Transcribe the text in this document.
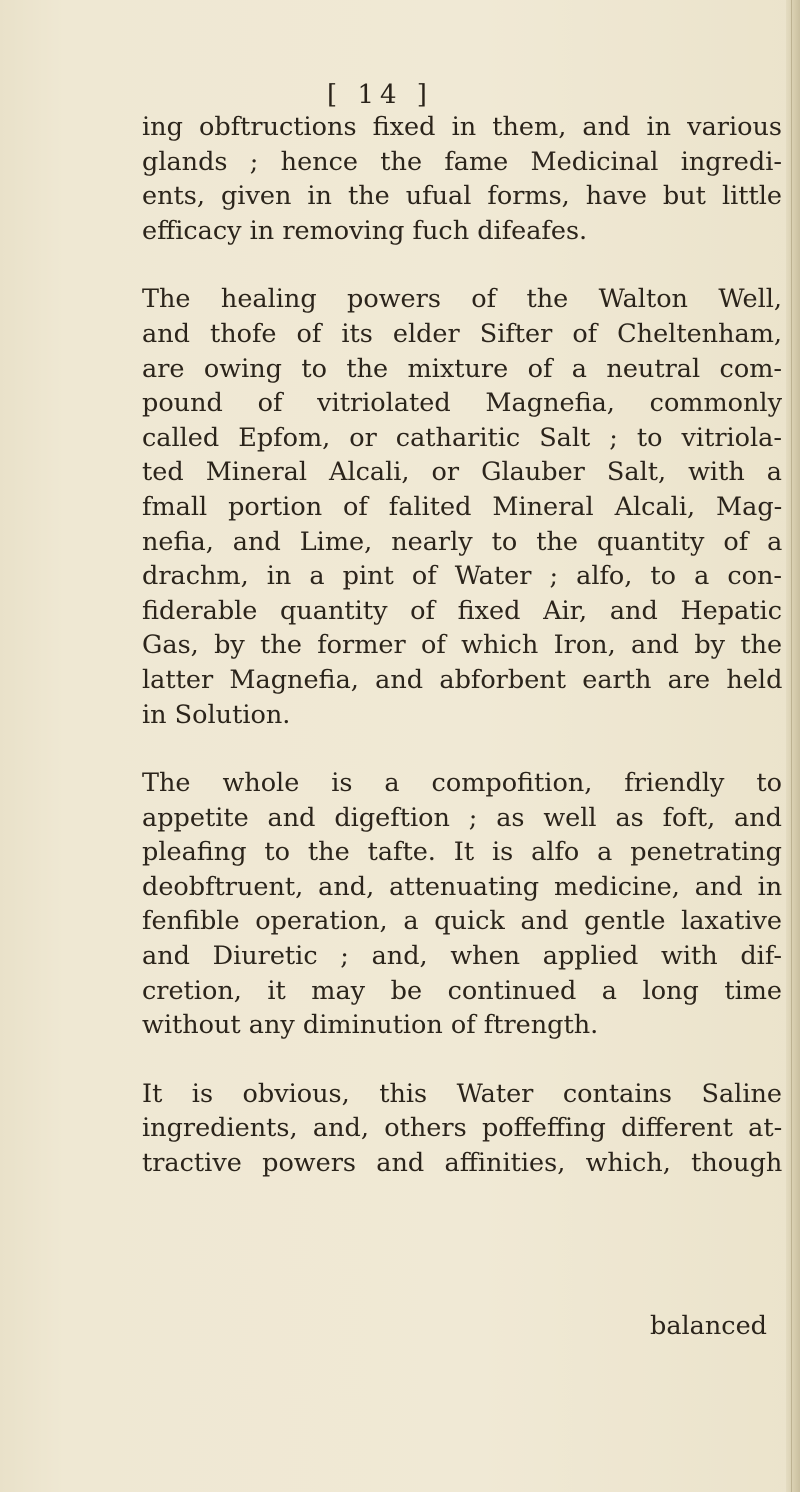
[ 14 ]
ing obftructions fixed in them, and in various
glands ; hence the fame Medicinal ingredi-
ents, given in the ufual forms, have but little
efficacy in removing fuch difeafes.
The healing powers of the Walton Well,
and thofe of its elder Sifter of Cheltenham,
are owing to the mixture of a neutral com-
pound of vitriolated Magnefia, commonly
called Epfom, or catharitic Salt ; to vitriola-
ted Mineral Alcali, or Glauber Salt, with a
fmall portion of falited Mineral Alcali, Mag-
nefia, and Lime, nearly to the quantity of a
drachm, in a pint of Water ; alfo, to a con-
fiderable quantity of fixed Air, and Hepatic
Gas, by the former of which Iron, and by the
latter Magnefia, and abforbent earth are held
in Solution.
The whole is a compofition, friendly to
appetite and digeftion ; as well as foft, and
pleafing to the tafte. It is alfo a penetrating
deobftruent, and, attenuating medicine, and in
fenfible operation, a quick and gentle laxative
and Diuretic ; and, when applied with dif-
cretion, it may be continued a long time
without any diminution of ftrength.
It is obvious, this Water contains Saline
ingredients, and, others poffeffing different at-
tractive powers and affinities, which, though
balanced
